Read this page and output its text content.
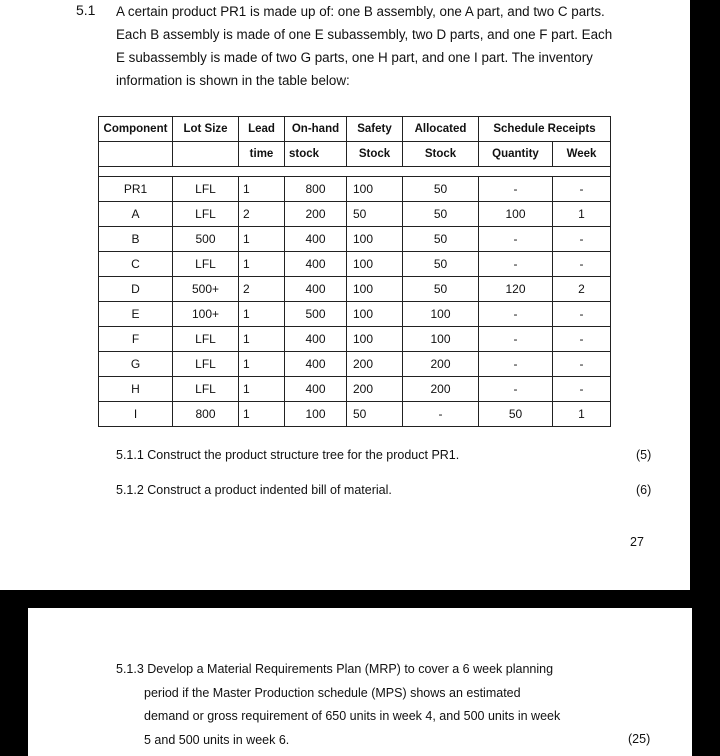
5.1 A certain product PR1 is made up of: one B assembly, one A part, and two C parts.

Each B assembly is made of one E subassembly, two D parts, and one F part. Each

E subassembly is made of two G parts, one H part, and one I part. The inventory

information is shown in the table below:

Component	Lot Size	Lead	On-hand	Safety	Allocated	Schedule Receipts	
		time	stock	Stock	Stock	Quantity	Week

PR1	LFL	1	800	100	50	-	-
A	LFL	2	200	50	50	100	1
B	500	1	400	100	50	-	-
C	LFL	1	400	100	50	-	-
D	500+	2	400	100	50	120	2
E	100+	1	500	100	100	-	-
F	LFL	1	400	100	100	-	-
G	LFL	1	400	200	200	-	-
H	LFL	1	400	200	200	-	-
I	800	1	100	50	-	50	1
5.1.1 Construct the product structure tree for the product PR1.	(5)
5.1.2 Construct a product indented bill of material.	(6)
27

5.1.3 Develop a Material Requirements Plan (MRP) to cover a 6 week planning

period if the Master Production schedule (MPS) shows an estimated

demand or gross requirement of 650 units in week 4, and 500 units in week

5 and 500 units in week 6.	(25)
